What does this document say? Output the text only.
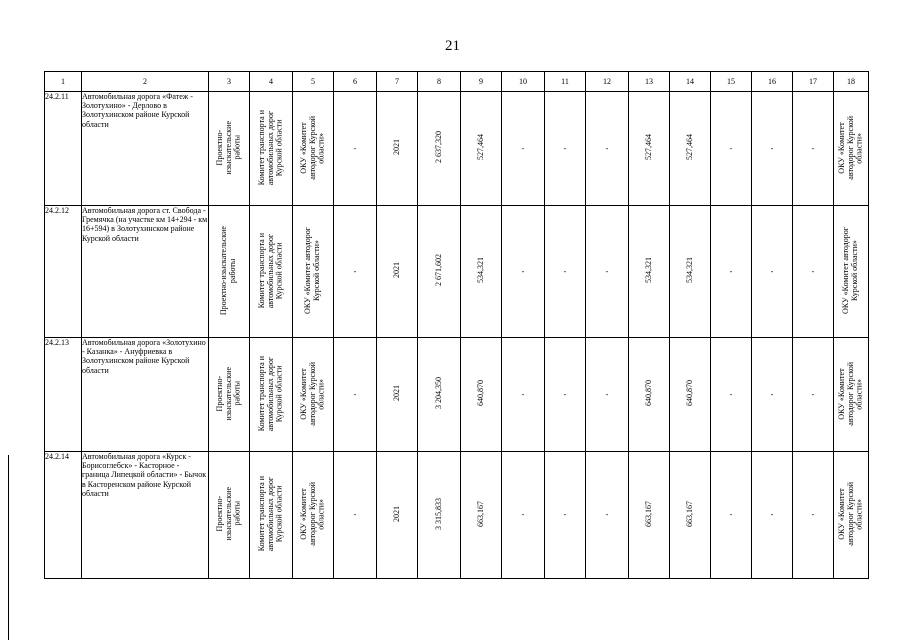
21
1	2	3	4	5	6	7	8	9	10	11	12	13	14	15	16	17	18
24.2.11	Автомобильная дорога «Фатеж - Золотухино» - Дерлово в Золотухинском районе Курской области	Проектно-
изыскательские
работы	Комитет транспорта и
автомобильных дорог
Курской области	ОКУ «Комитет
автодорог Курской
области»	-	2021	2 637,320	527,464	-	-	-	527,464	527,464	-	-	-	ОКУ «Комитет
автодорог Курской
области»
24.2.12	Автомобильная дорога ст. Свобода - Гремячка (на участке км 14+294 - км 16+594) в Золотухинском районе Курской области	Проектно-изыскательские
работы	Комитет транспорта и
автомобильных дорог
Курской области	ОКУ «Комитет автодорог
Курской области»	-	2021	2 671,602	534,321	-	-	-	534,321	534,321	-	-	-	ОКУ «Комитет автодорог
Курской области»
24.2.13	Автомобильная дорога «Золотухино - Казанка» - Ануфриевка в Золотухинском районе Курской области	Проектно-
изыскательские
работы	Комитет транспорта и
автомобильных дорог
Курской области	ОКУ «Комитет
автодорог Курской
области»	-	2021	3 204,350	640,870	-	-	-	640,870	640,870	-	-	-	ОКУ «Комитет
автодорог Курской
области»
24.2.14	Автомобильная дорога «Курск - Борисоглебск» - Касторное - граница Липецкой области» - Бычок в Касторенском районе Курской области	Проектно-
изыскательские
работы	Комитет транспорта и
автомобильных дорог
Курской области	ОКУ «Комитет
автодорог Курской
области»	-	2021	3 315,833	663,167	-	-	-	663,167	663,167	-	-	-	ОКУ «Комитет
автодорог Курской
области»
